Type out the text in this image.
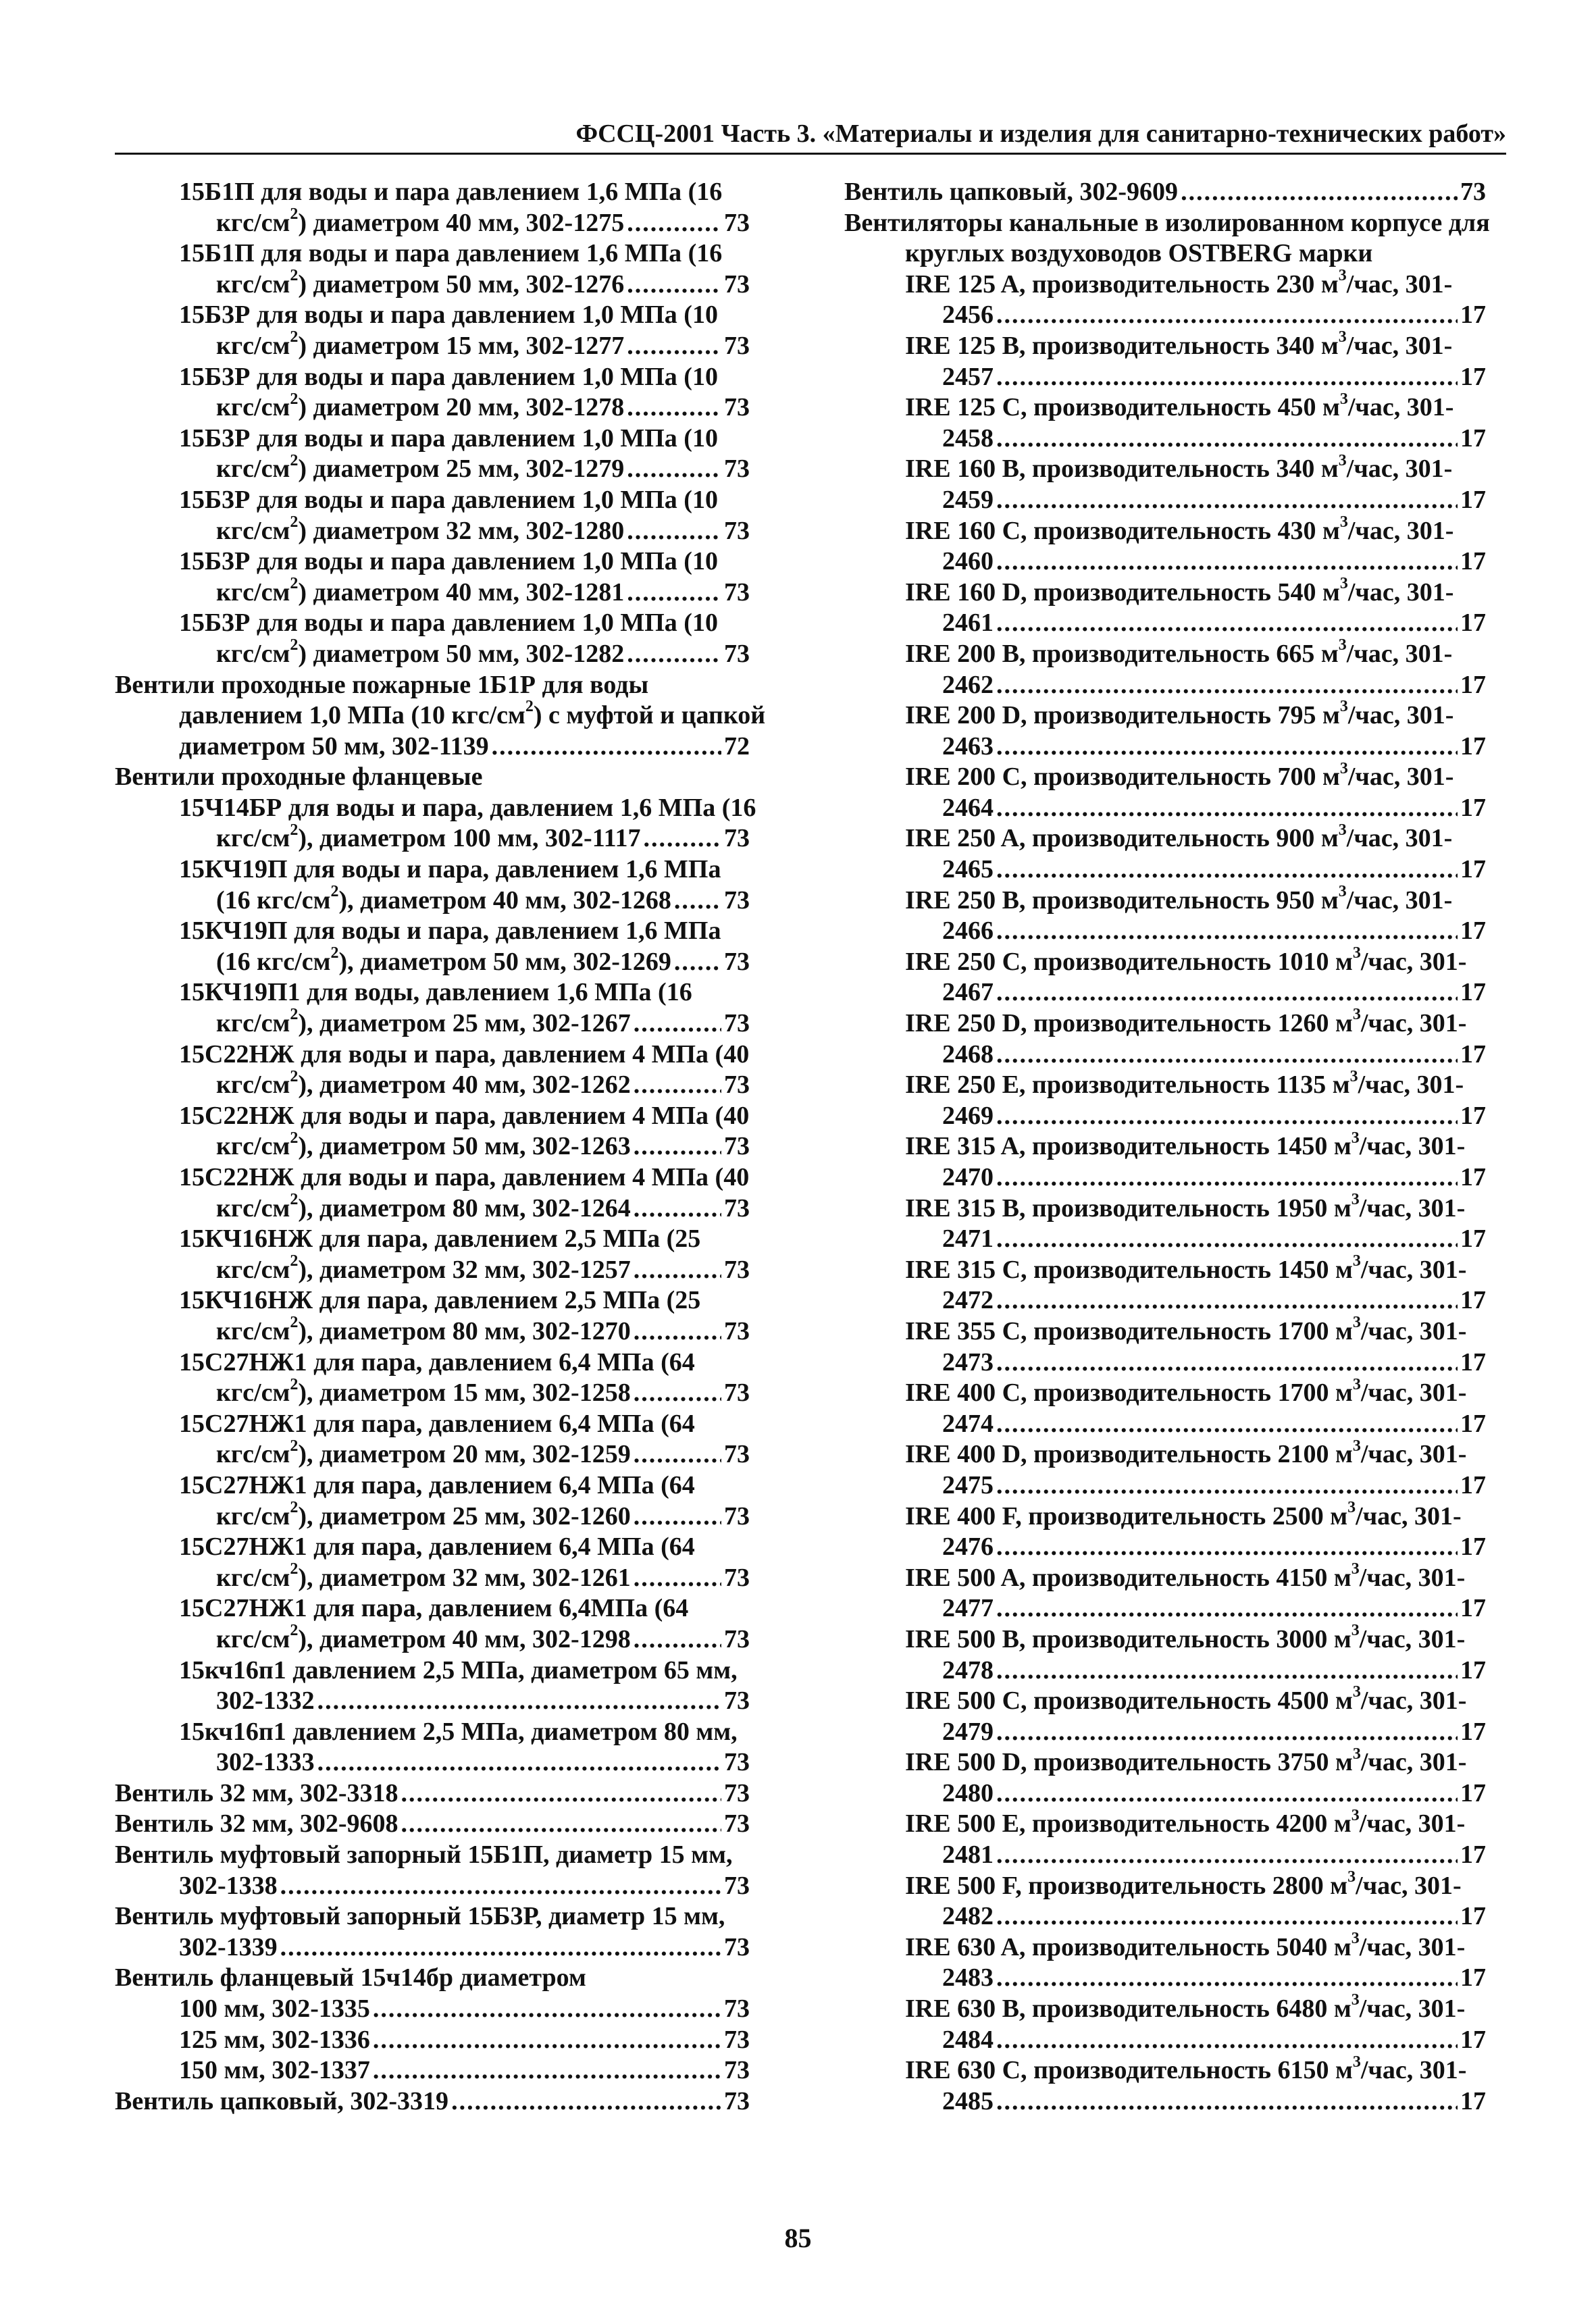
ФССЦ-2001 Часть 3. «Материалы и изделия для санитарно-технических работ»
15Б1П для воды и пара давлением 1,6 МПа (16
кгс/$см^2$) диаметром 40 мм, 302-1275 .....	73
15Б1П для воды и пара давлением 1,6 МПа (16
кгс/$см^2$) диаметром 50 мм, 302-1276 .....	73
15Б3Р для воды и пара давлением 1,0 МПа (10
кгс/$см^2$) диаметром 15 мм, 302-1277 .....	73
15Б3Р для воды и пара давлением 1,0 МПа (10
кгс/$см^2$) диаметром 20 мм, 302-1278 .....	73
15Б3Р для воды и пара давлением 1,0 МПа (10
кгс/$см^2$) диаметром 25 мм, 302-1279 .....	73
15Б3Р для воды и пара давлением 1,0 МПа (10
кгс/$см^2$) диаметром 32 мм, 302-1280 .....	73
15Б3Р для воды и пара давлением 1,0 МПа (10
кгс/$см^2$) диаметром 40 мм, 302-1281 .....	73
15Б3Р для воды и пара давлением 1,0 МПа (10
кгс/$см^2$) диаметром 50 мм, 302-1282 .....	73
Вентили проходные пожарные 1Б1Р для воды
давлением 1,0 МПа (10 кгс/$см^2$) с муфтой и цапкой
диаметром 50 мм, 302-1139 .....	72
Вентили проходные фланцевые
15Ч14БР для воды и пара, давлением 1,6 МПа (16
кгс/$см^2$), диаметром 100 мм, 302-1117 .....	73
15КЧ19П для воды и пара, давлением 1,6 МПа
(16 кгс/$см^2$), диаметром 40 мм, 302-1268 ..... 73
15КЧ19П для воды и пара, давлением 1,6 МПа
(16 кгс/$см^2$), диаметром 50 мм, 302-1269 ..... 73
15КЧ19П1 для воды, давлением 1,6 МПа (16
кгс/$см^2$), диаметром 25 мм, 302-1267 .....	73
15С22НЖ для воды и пара, давлением 4 МПа (40
кгс/$см^2$), диаметром 40 мм, 302-1262 .....	73
15С22НЖ для воды и пара, давлением 4 МПа (40
кгс/$см^2$), диаметром 50 мм, 302-1263 .....	73
15С22НЖ для воды и пара, давлением 4 МПа (40
кгс/$см^2$), диаметром 80 мм, 302-1264 .....	73
15КЧ16НЖ для пара, давлением 2,5 МПа (25
кгс/$см^2$), диаметром 32 мм, 302-1257 .....	73
15КЧ16НЖ для пара, давлением 2,5 МПа (25
кгс/$см^2$), диаметром 80 мм, 302-1270 .....	73
15С27НЖ1 для пара, давлением 6,4 МПа (64
кгс/$см^2$), диаметром 15 мм, 302-1258 .....	73
15С27НЖ1 для пара, давлением 6,4 МПа (64
кгс/$см^2$), диаметром 20 мм, 302-1259 .....	73
15С27НЖ1 для пара, давлением 6,4 МПа (64
кгс/$см^2$), диаметром 25 мм, 302-1260 .....	73
15С27НЖ1 для пара, давлением 6,4 МПа (64
кгс/$см^2$), диаметром 32 мм, 302-1261 .....	73
15С27НЖ1 для пара, давлением 6,4МПа (64
кгс/$см^2$), диаметром 40 мм, 302-1298 .....	73
15кч16п1 давлением 2,5 МПа, диаметром 65 мм,
302-1332 .....	73
15кч16п1 давлением 2,5 МПа, диаметром 80 мм,
302-1333 .....	73
Вентиль 32 мм, 302-3318 .....	73
Вентиль 32 мм, 302-9608 .....	73
Вентиль муфтовый запорный 15Б1П, диаметр 15 мм,
302-1338 .....	73
Вентиль муфтовый запорный 15Б3Р, диаметр 15 мм,
302-1339 .....	73
Вентиль фланцевый 15ч14бр диаметром
100 мм, 302-1335 .....	73
125 мм, 302-1336 .....	73
150 мм, 302-1337 .....	73
Вентиль цапковый, 302-3319 .....	73
Вентиль цапковый, 302-9609 .....	73
Вентиляторы канальные в изолированном корпусе для
круглых воздуховодов OSTBERG марки
IRE 125 A, производительность 230 $м^3$/час, 301-
2456 .....	17
IRE 125 B, производительность 340 $м^3$/час, 301-
2457 .....	17
IRE 125 C, производительность 450 $м^3$/час, 301-
2458 .....	17
IRE 160 B, производительность 340 $м^3$/час, 301-
2459 .....	17
IRE 160 C, производительность 430 $м^3$/час, 301-
2460 .....	17
IRE 160 D, производительность 540 $м^3$/час, 301-
2461 .....	17
IRE 200 B, производительность 665 $м^3$/час, 301-
2462 .....	17
IRE 200 D, производительность 795 $м^3$/час, 301-
2463 .....	17
IRE 200 C, производительность 700 $м^3$/час, 301-
2464 .....	17
IRE 250 A, производительность 900 $м^3$/час, 301-
2465 .....	17
IRE 250 B, производительность 950 $м^3$/час, 301-
2466 .....	17
IRE 250 C, производительность 1010 $м^3$/час, 301-
2467 .....	17
IRE 250 D, производительность 1260 $м^3$/час, 301-
2468 .....	17
IRE 250 E, производительность 1135 $м^3$/час, 301-
2469 .....	17
IRE 315 A, производительность 1450 $м^3$/час, 301-
2470 .....	17
IRE 315 B, производительность 1950 $м^3$/час, 301-
2471 .....	17
IRE 315 C, производительность 1450 $м^3$/час, 301-
2472 .....	17
IRE 355 C, производительность 1700 $м^3$/час, 301-
2473 .....	17
IRE 400 C, производительность 1700 $м^3$/час, 301-
2474 .....	17
IRE 400 D, производительность 2100 $м^3$/час, 301-
2475 .....	17
IRE 400 F, производительность 2500 $м^3$/час, 301-
2476 .....	17
IRE 500 A, производительность 4150 $м^3$/час, 301-
2477 .....	17
IRE 500 B, производительность 3000 $м^3$/час, 301-
2478 .....	17
IRE 500 C, производительность 4500 $м^3$/час, 301-
2479 .....	17
IRE 500 D, производительность 3750 $м^3$/час, 301-
2480 .....	17
IRE 500 E, производительность 4200 $м^3$/час, 301-
2481 .....	17
IRE 500 F, производительность 2800 $м^3$/час, 301-
2482 .....	17
IRE 630 A, производительность 5040 $м^3$/час, 301-
2483 .....	17
IRE 630 B, производительность 6480 $м^3$/час, 301-
2484 .....	17
IRE 630 C, производительность 6150 $м^3$/час, 301-
2485 .....	17
85
